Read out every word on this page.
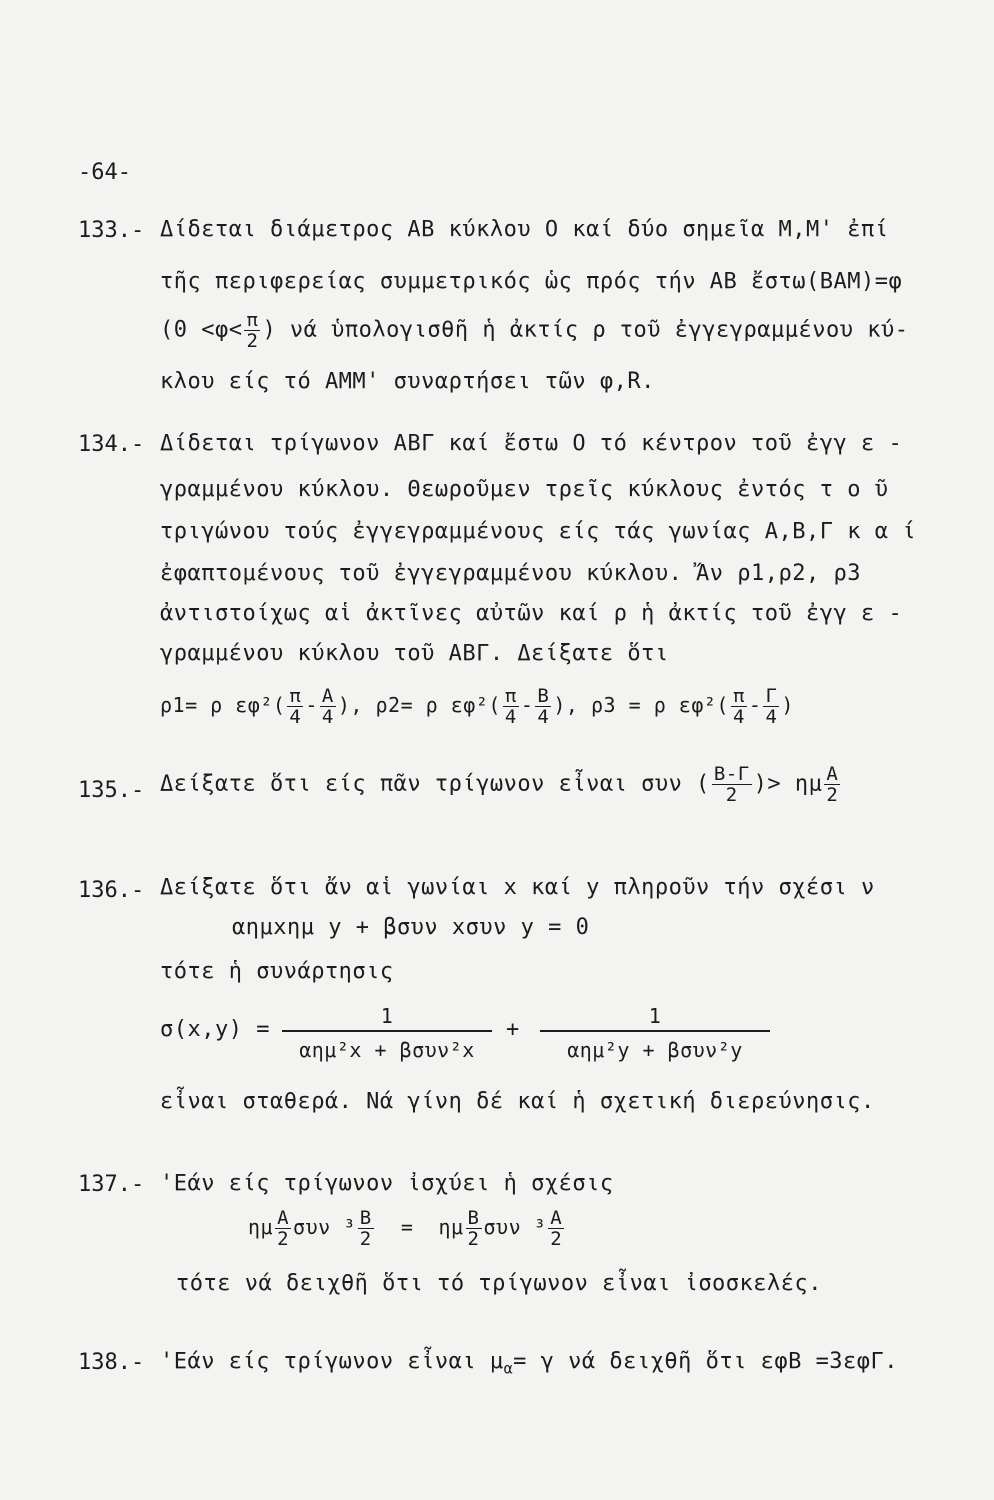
-64-
133.- Δίδεται διάμετρος ΑΒ κύκλου Ο καί δύο σημεῖα Μ,Μ' ἐπί
τῆς περιφερείας συμμετρικός ὡς πρός τήν ΑΒ ἔστω(ΒΑΜ)=φ
($0 <\varphi< \frac{\pi}{2}$ ) νά ὑπολογισθῆ ἡ ἀκτίς ρ τοῦ ἐγγεγραμμένου κύ-
κλου είς τό ΑΜΜ' συναρτήσει τῶν φ,R.
134.- Δίδεται τρίγωνον ΑΒΓ καί ἔστω Ο τό κέντρον τοῦ ἐγγ ε -
γραμμένου κύκλου. Θεωροῦμεν τρεῖς κύκλους ἐντός τ ο ῦ
τριγώνου τούς ἐγγεγραμμένους είς τάς γωνίας Α,Β,Γ κ α ί
ἐφαπτομένους τοῦ ἐγγεγραμμένου κύκλου. Ἄν ρ1,ρ2, ρ3
ἀντιστοίχως αἱ ἀκτῖνες αὐτῶν καί ρ ἡ ἀκτίς τοῦ ἐγγ ε -
γραμμένου κύκλου τοῦ ΑΒΓ. Δείξατε ὅτι
ρ1= ρ $\varepsilon\varphi^2( \frac{\pi}{4} - \frac{A}{4}$ ), ρ2= ρ $\varepsilon\varphi^2( \frac{\pi}{4} - \frac{B}{4}$ ), ρ3 = ρ $\varepsilon\varphi^2( \frac{\pi}{4} - \frac{\Gamma}{4}$ )
135.- Δείξατε ὅτι είς πᾶν τρίγωνον εἶναι συν ( $\frac{B-\Gamma}{2}$ )> ημ $\frac{A}{2}$
136.- Δείξατε ὅτι ἄν αἱ γωνίαι x καί y πληροῦν τήν σχέσι ν
αημxημ y + βσυν xσυν y = 0
τότε ἡ συνάρτησις
σ(x,y) =
1
αημ²x + βσυν²x
+
1
αημ²y + βσυν²y
εἶναι σταθερά. Νά γίνη δέ καί ἡ σχετική διερεύνησις.
137.- 'Εάν είς τρίγωνον ἰσχύει ἡ σχέσις
ημ $\frac{A}{2}$ συν $^3 \frac{B}{2} = \eta\mu \frac{B}{2}$ συν $^3 \frac{A}{2}$
τότε νά δειχθῆ ὅτι τό τρίγωνον εἶναι ἰσοσκελές.
138.- 'Εάν είς τρίγωνον εἶναι $\mu_\alpha= \gamma$ νά δειχθῆ ὅτι εφΒ =3εφΓ.
